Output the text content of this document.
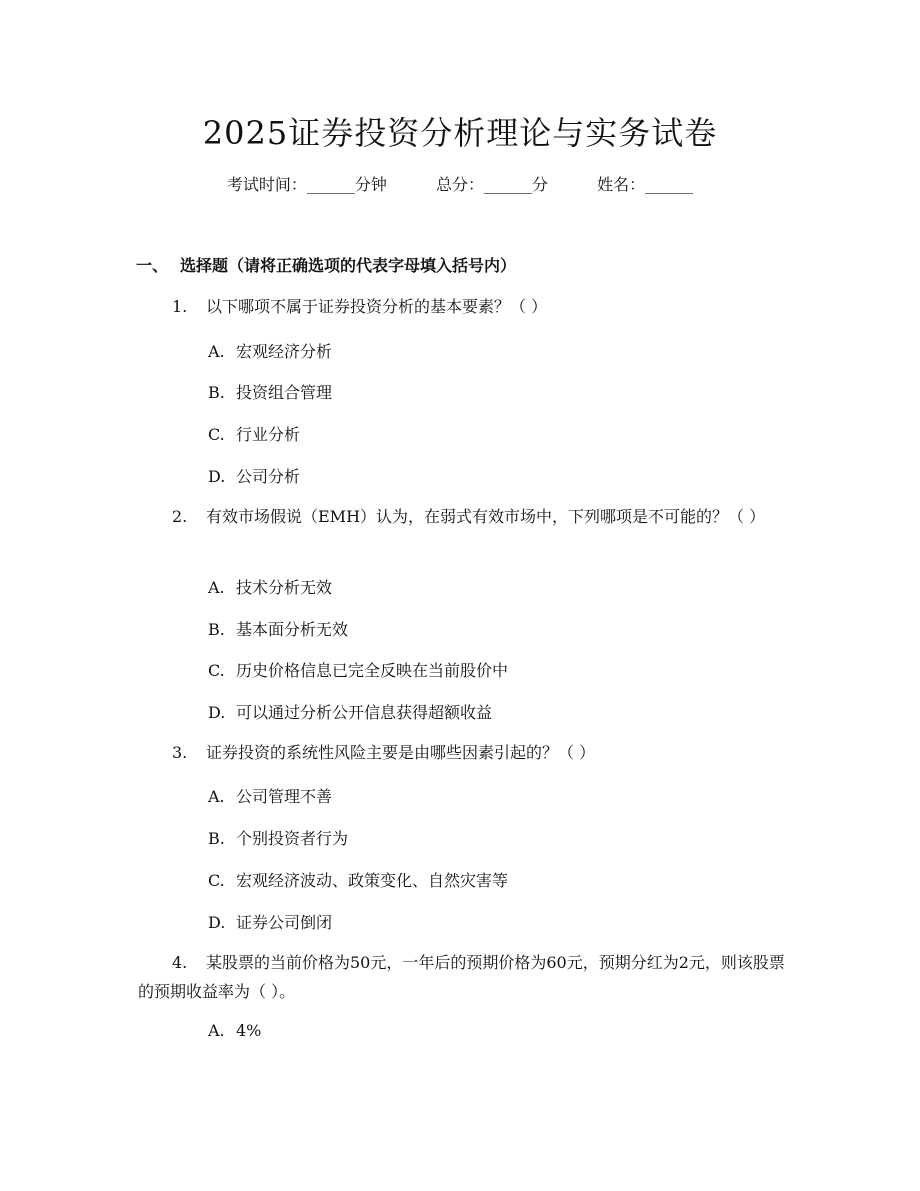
2025证券投资分析理论与实务试卷
考试时间：______分钟	总分：______分	姓名：______
一、 选择题（请将正确选项的代表字母填入括号内）
1. 以下哪项不属于证券投资分析的基本要素？（ ）
A. 宏观经济分析
B. 投资组合管理
C. 行业分析
D. 公司分析
2. 有效市场假说（EMH）认为，在弱式有效市场中，下列哪项是不可能的？（ ）
A. 技术分析无效
B. 基本面分析无效
C. 历史价格信息已完全反映在当前股价中
D. 可以通过分析公开信息获得超额收益
3. 证券投资的系统性风险主要是由哪些因素引起的？（ ）
A. 公司管理不善
B. 个别投资者行为
C. 宏观经济波动、政策变化、自然灾害等
D. 证券公司倒闭
4. 某股票的当前价格为50元，一年后的预期价格为60元，预期分红为2元，则该股票的预期收益率为（ ）。
A. 4%
